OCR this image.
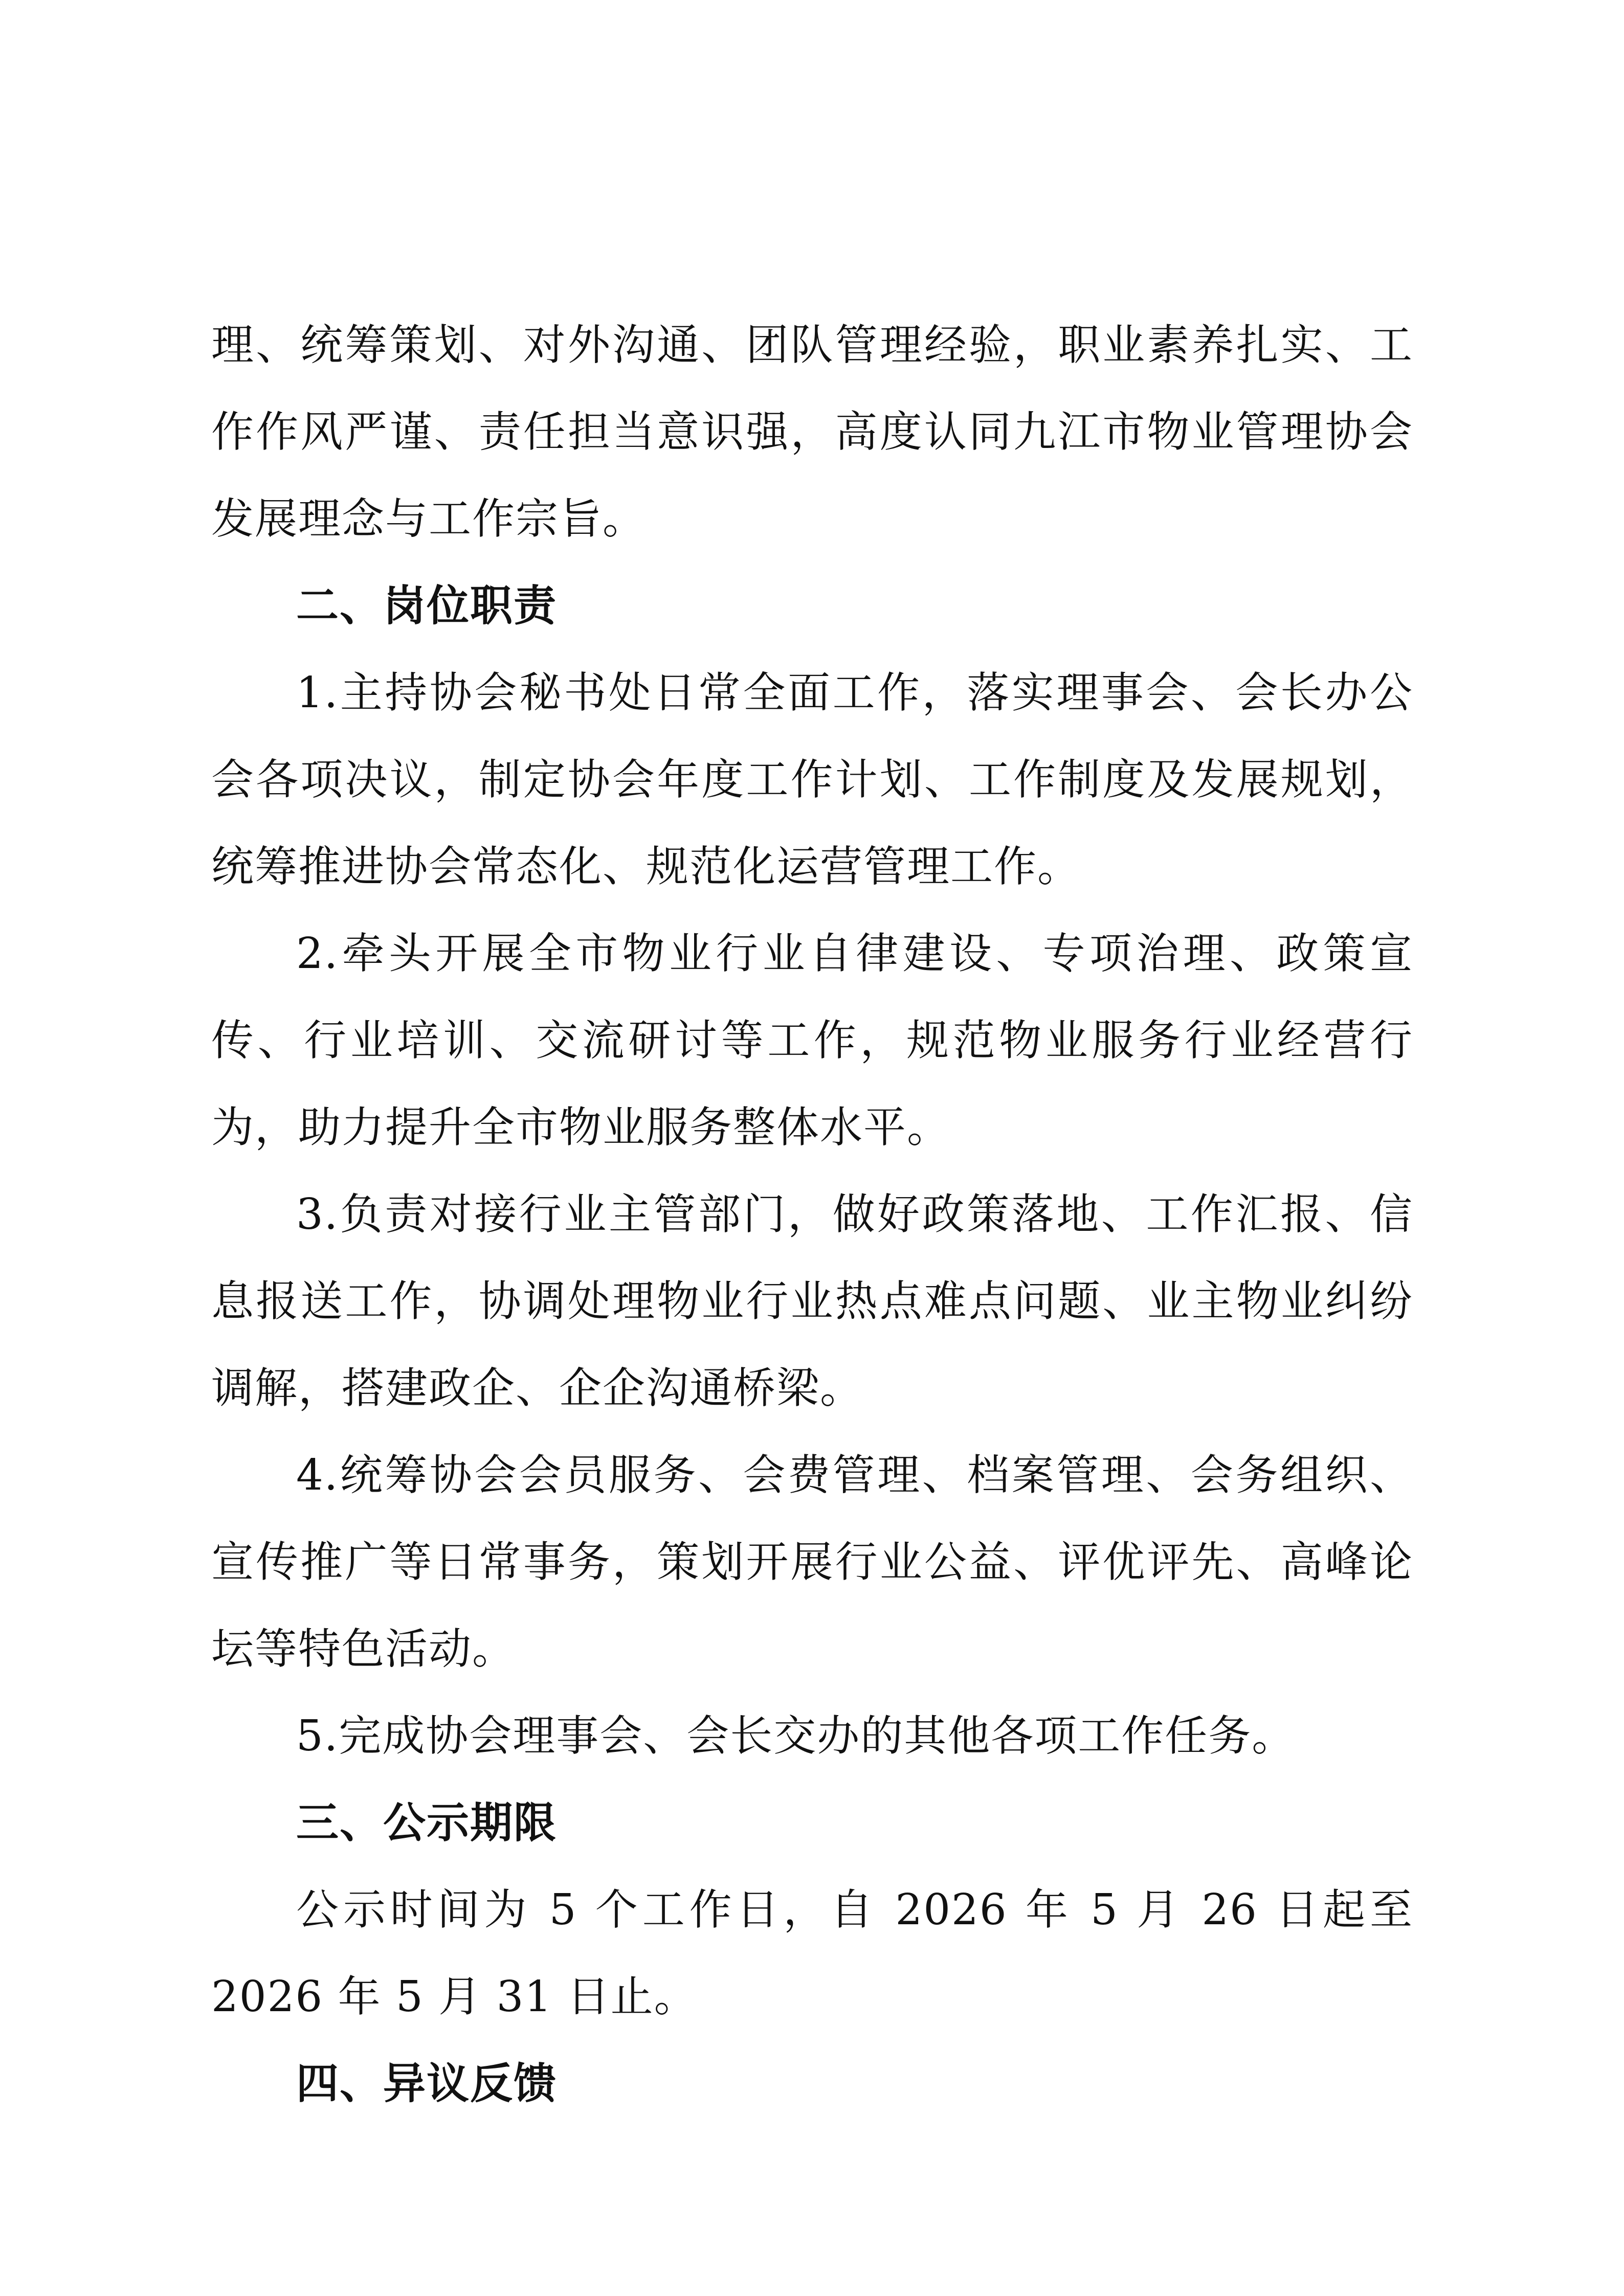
理、统筹策划、对外沟通、团队管理经验，职业素养扎实、工作作风严谨、责任担当意识强，高度认同九江市物业管理协会发展理念与工作宗旨。

二、岗位职责

1.主持协会秘书处日常全面工作，落实理事会、会长办公会各项决议，制定协会年度工作计划、工作制度及发展规划，统筹推进协会常态化、规范化运营管理工作。

2.牵头开展全市物业行业自律建设、专项治理、政策宣传、行业培训、交流研讨等工作，规范物业服务行业经营行为，助力提升全市物业服务整体水平。

3.负责对接行业主管部门，做好政策落地、工作汇报、信息报送工作，协调处理物业行业热点难点问题、业主物业纠纷调解，搭建政企、企企沟通桥梁。

4.统筹协会会员服务、会费管理、档案管理、会务组织、宣传推广等日常事务，策划开展行业公益、评优评先、高峰论坛等特色活动。

5.完成协会理事会、会长交办的其他各项工作任务。

三、公示期限

公示时间为 5 个工作日，自 2026 年 5 月 26 日起至 2026 年 5 月 31 日止。

四、异议反馈
